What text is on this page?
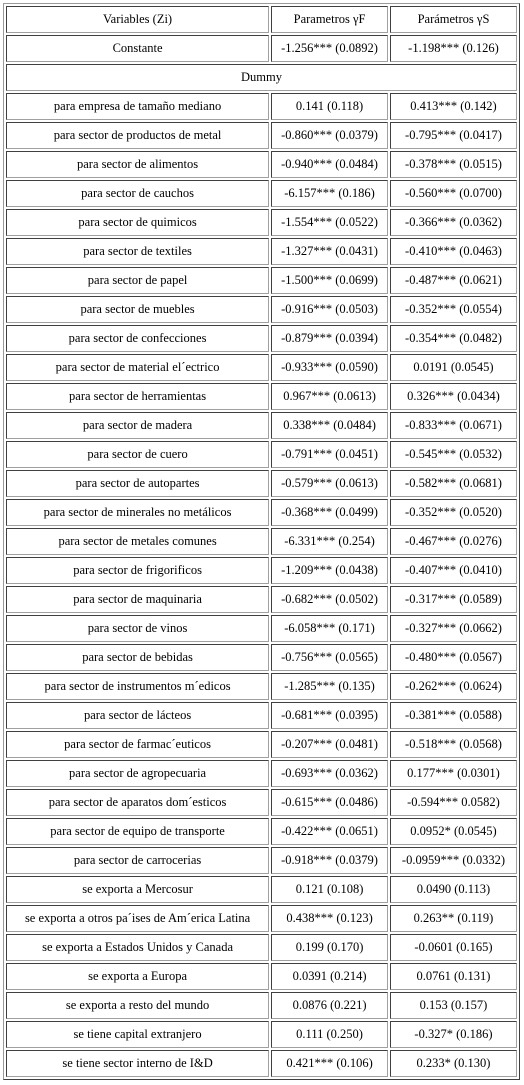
Variables (Zi)	Parametros γF	Parámetros γS
Constante	-1.256*** (0.0892)	-1.198*** (0.126)
Dummy		
para empresa de tamaño mediano	0.141 (0.118)	0.413*** (0.142)
para sector de productos de metal	-0.860*** (0.0379)	-0.795*** (0.0417)
para sector de alimentos	-0.940*** (0.0484)	-0.378*** (0.0515)
para sector de cauchos	-6.157*** (0.186)	-0.560*** (0.0700)
para sector de quimicos	-1.554*** (0.0522)	-0.366*** (0.0362)
para sector de textiles	-1.327*** (0.0431)	-0.410*** (0.0463)
para sector de papel	-1.500*** (0.0699)	-0.487*** (0.0621)
para sector de muebles	-0.916*** (0.0503)	-0.352*** (0.0554)
para sector de confecciones	-0.879*** (0.0394)	-0.354*** (0.0482)
para sector de material el´ectrico	-0.933*** (0.0590)	0.0191 (0.0545)
para sector de herramientas	0.967*** (0.0613)	0.326*** (0.0434)
para sector de madera	0.338*** (0.0484)	-0.833*** (0.0671)
para sector de cuero	-0.791*** (0.0451)	-0.545*** (0.0532)
para sector de autopartes	-0.579*** (0.0613)	-0.582*** (0.0681)
para sector de minerales no metálicos	-0.368*** (0.0499)	-0.352*** (0.0520)
para sector de metales comunes	-6.331*** (0.254)	-0.467*** (0.0276)
para sector de frigorificos	-1.209*** (0.0438)	-0.407*** (0.0410)
para sector de maquinaria	-0.682*** (0.0502)	-0.317*** (0.0589)
para sector de vinos	-6.058*** (0.171)	-0.327*** (0.0662)
para sector de bebidas	-0.756*** (0.0565)	-0.480*** (0.0567)
para sector de instrumentos m´edicos	-1.285*** (0.135)	-0.262*** (0.0624)
para sector de lácteos	-0.681*** (0.0395)	-0.381*** (0.0588)
para sector de farmac´euticos	-0.207*** (0.0481)	-0.518*** (0.0568)
para sector de agropecuaria	-0.693*** (0.0362)	0.177*** (0.0301)
para sector de aparatos dom´esticos	-0.615*** (0.0486)	-0.594*** 0.0582)
para sector de equipo de transporte	-0.422*** (0.0651)	0.0952* (0.0545)
para sector de carrocerias	-0.918*** (0.0379)	-0.0959*** (0.0332)
se exporta a Mercosur	0.121 (0.108)	0.0490 (0.113)
se exporta a otros pa´ises de Am´erica Latina	0.438*** (0.123)	0.263** (0.119)
se exporta a Estados Unidos y Canada	0.199 (0.170)	-0.0601 (0.165)
se exporta a Europa	0.0391 (0.214)	0.0761 (0.131)
se exporta a resto del mundo	0.0876 (0.221)	0.153 (0.157)
se tiene capital extranjero	0.111 (0.250)	-0.327* (0.186)
se tiene sector interno de I&D	0.421*** (0.106)	0.233* (0.130)
